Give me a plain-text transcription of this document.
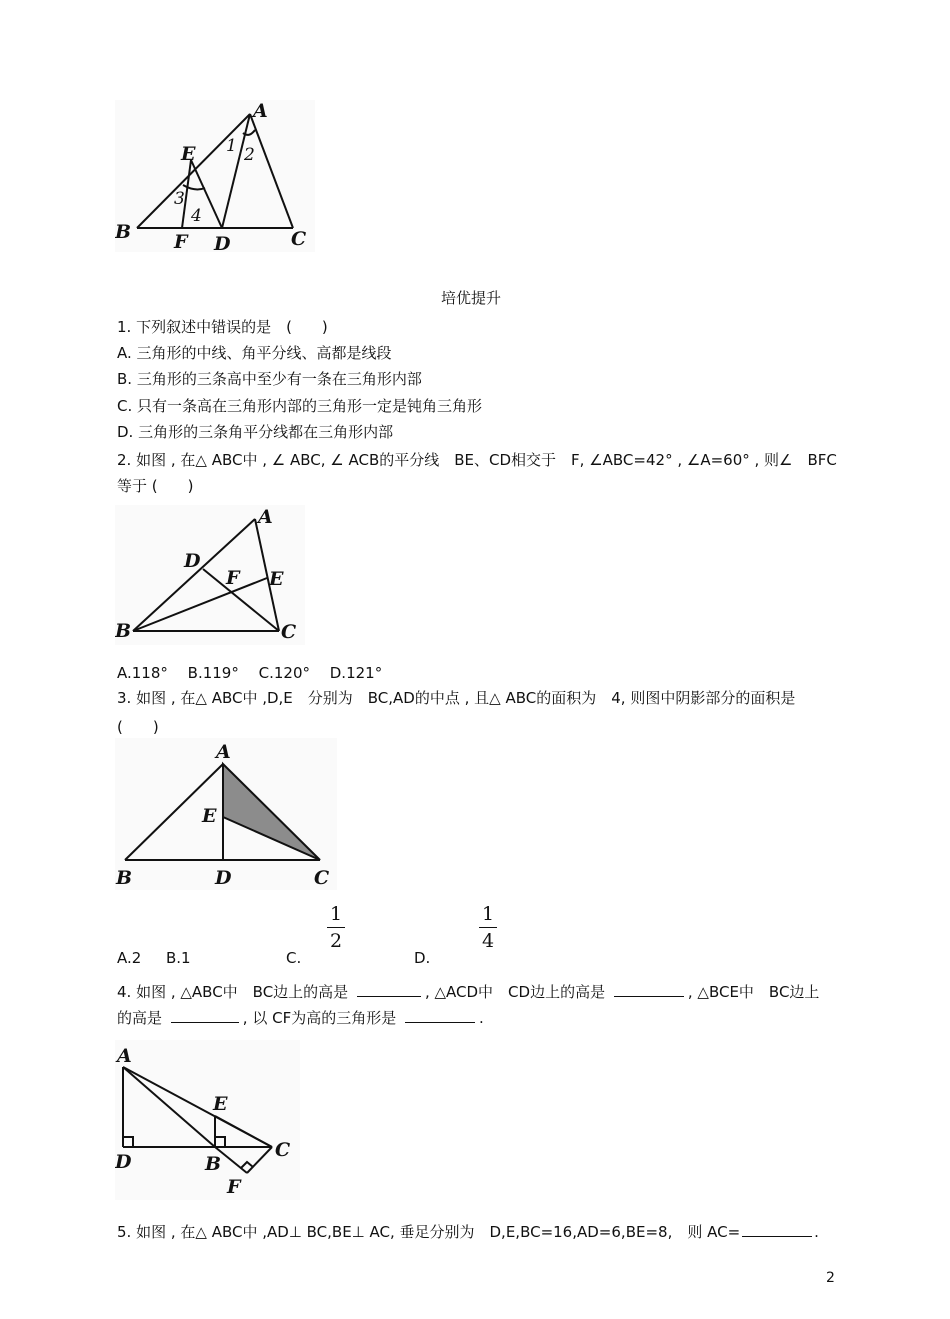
A
B	C
D
E
F
1 2
3
4
培优提升
1. 下列叙述中错误的是　(　　)
A. 三角形的中线、角平分线、高都是线段
B. 三角形的三条高中至少有一条在三角形内部
C. 只有一条高在三角形内部的三角形一定是钝角三角形
D. 三角形的三条角平分线都在三角形内部
2. 如图 , 在△ ABC中 , ∠ ABC, ∠ ACB的平分线　BE、CD相交于　F, ∠ABC=42° , ∠A=60° , 则∠　BFC
等于 (　　)
A
B	C
D
E
F
A.118°　 B.119°　 C.120°　 D.121°
3. 如图 , 在△ ABC中 ,D,E　分别为　BC,AD的中点 , 且△ ABC的面积为　4, 则图中阴影部分的面积是
(　　)
A
B	C
D
E
A.2 B.1	C.
1
2
D.
1
4
4. 如图 , △ABC中　BC边上的高是	, △ACD中　CD边上的高是	, △BCE中　BC边上
的高是	, 以 CF为高的三角形是	.
A
B
C
D
E
F
5. 如图 , 在△ ABC中 ,AD⊥ BC,BE⊥ AC, 垂足分别为　D,E,BC=16,AD=6,BE=8,　则 AC=	.
2
